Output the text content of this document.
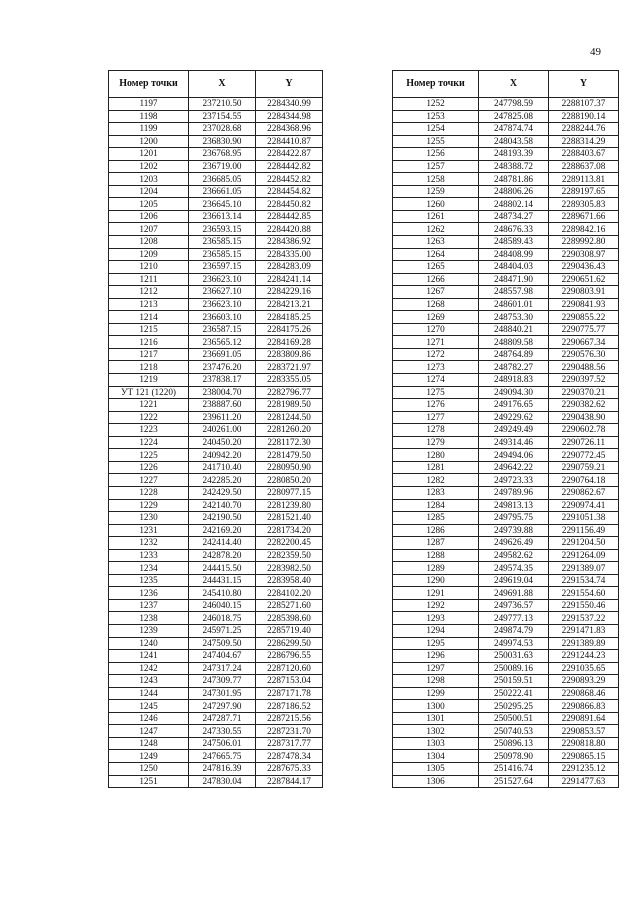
49
Номер точки	X	Y
1197	237210.50	2284340.99
1198	237154.55	2284344.98
1199	237028.68	2284368.96
1200	236830.90	2284410.87
1201	236768.95	2284422.87
1202	236719.00	2284442.82
1203	236685.05	2284452.82
1204	236661.05	2284454.82
1205	236645.10	2284450.82
1206	236613.14	2284442.85
1207	236593.15	2284420.88
1208	236585.15	2284386.92
1209	236585.15	2284335.00
1210	236597.15	2284283.09
1211	236623.10	2284241.14
1212	236627.10	2284229.16
1213	236623.10	2284213.21
1214	236603.10	2284185.25
1215	236587.15	2284175.26
1216	236565.12	2284169.28
1217	236691.05	2283809.86
1218	237476.20	2283721.97
1219	237838.17	2283355.05
УТ 121 (1220)	238004.70	2282796.77
1221	238887.60	2281989.50
1222	239611.20	2281244.50
1223	240261.00	2281260.20
1224	240450.20	2281172.30
1225	240942.20	2281479.50
1226	241710.40	2280950.90
1227	242285.20	2280850.20
1228	242429.50	2280977.15
1229	242140.70	2281239.80
1230	242190.50	2281521.40
1231	242169.20	2281734.20
1232	242414.40	2282200.45
1233	242878.20	2282359.50
1234	244415.50	2283982.50
1235	244431.15	2283958.40
1236	245410.80	2284102.20
1237	246040.15	2285271.60
1238	246018.75	2285398.60
1239	245971.25	2285719.40
1240	247509.50	2286299.50
1241	247404.67	2286796.55
1242	247317.24	2287120.60
1243	247309.77	2287153.04
1244	247301.95	2287171.78
1245	247297.90	2287186.52
1246	247287.71	2287215.56
1247	247330.55	2287231.70
1248	247506.01	2287317.77
1249	247665.75	2287478.34
1250	247816.39	2287675.33
1251	247830.04	2287844.17
Номер точки	X	Y
1252	247798.59	2288107.37
1253	247825.08	2288190.14
1254	247874.74	2288244.76
1255	248043.58	2288314.29
1256	248193.39	2288403.67
1257	248388.72	2288637.08
1258	248781.86	2289113.81
1259	248806.26	2289197.65
1260	248802.14	2289305.83
1261	248734.27	2289671.66
1262	248676.33	2289842.16
1263	248589.43	2289992.80
1264	248408.99	2290308.97
1265	248404.03	2290436.43
1266	248471.90	2290651.62
1267	248557.98	2290803.91
1268	248601.01	2290841.93
1269	248753.30	2290855.22
1270	248840.21	2290775.77
1271	248809.58	2290667.34
1272	248764.89	2290576.30
1273	248782.27	2290488.56
1274	248918.83	2290397.52
1275	249094.30	2290370.21
1276	249176.65	2290382.62
1277	249229.62	2290438.90
1278	249249.49	2290602.78
1279	249314.46	2290726.11
1280	249494.06	2290772.45
1281	249642.22	2290759.21
1282	249723.33	2290764.18
1283	249789.96	2290862.67
1284	249813.13	2290974.41
1285	249795.75	2291051.38
1286	249739.88	2291156.49
1287	249626.49	2291204.50
1288	249582.62	2291264.09
1289	249574.35	2291389.07
1290	249619.04	2291534.74
1291	249691.88	2291554.60
1292	249736.57	2291550.46
1293	249777.13	2291537.22
1294	249874.79	2291471.83
1295	249974.53	2291389.89
1296	250031.63	2291244.23
1297	250089.16	2291035.65
1298	250159.51	2290893.29
1299	250222.41	2290868.46
1300	250295.25	2290866.83
1301	250500.51	2290891.64
1302	250740.53	2290853.57
1303	250896.13	2290818.80
1304	250978.90	2290865.15
1305	251416.74	2291235.12
1306	251527.64	2291477.63
